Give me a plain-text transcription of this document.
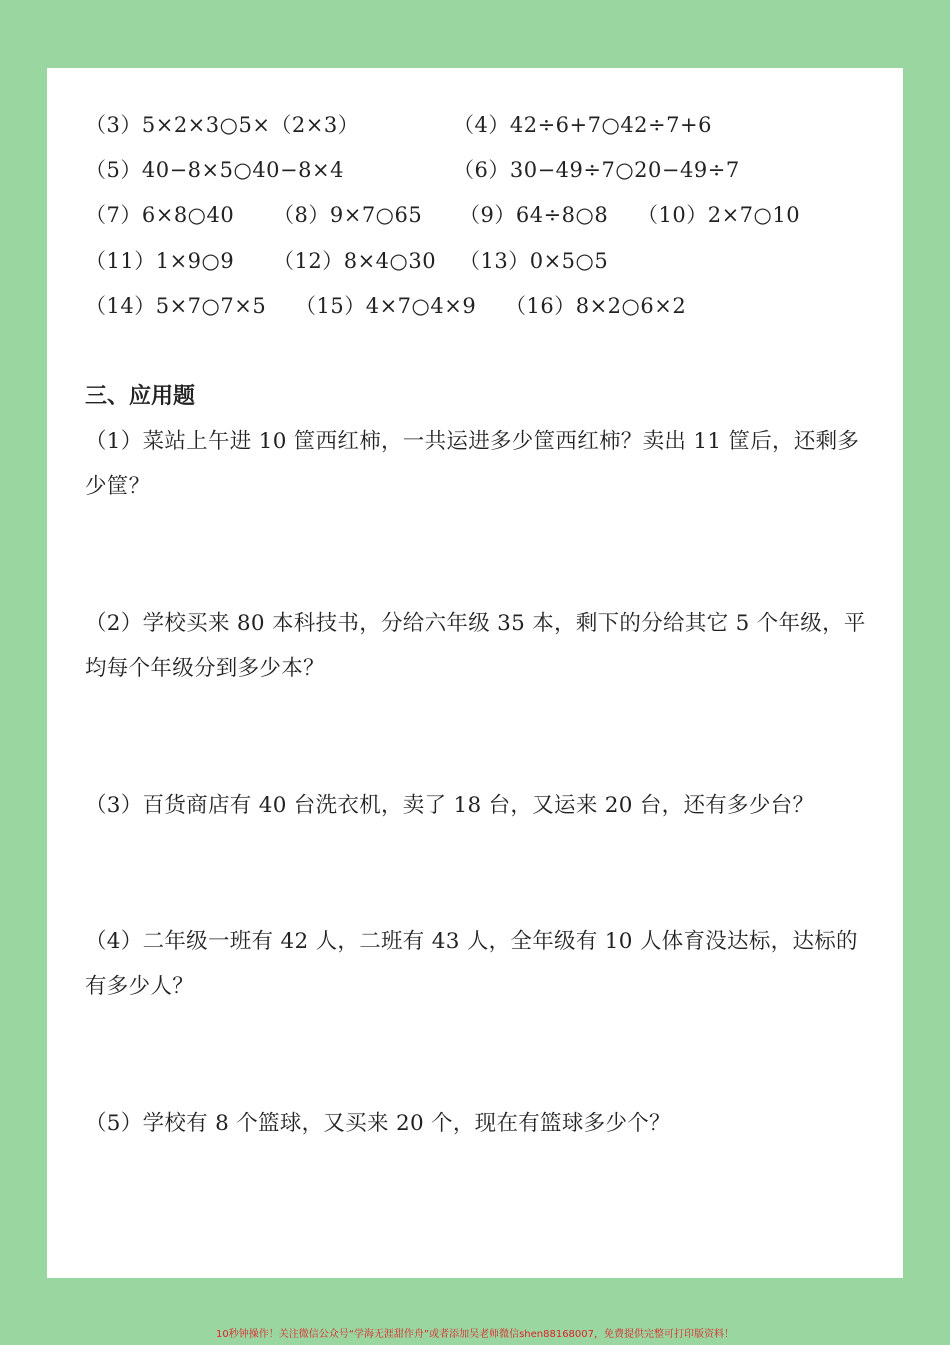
（3）5×2×3○5×（2×3）	（4）42÷6+7○42÷7+6
（5）40−8×5○40−8×4	（6）30−49÷7○20−49÷7
（7）6×8○40 （8）9×7○65 （9）64÷8○8 （10）2×7○10
（11）1×9○9 （12）8×4○30 （13）0×5○5
（14）5×7○7×5 （15）4×7○4×9 （16）8×2○6×2
三、应用题
（1）菜站上午进 10 筐西红柿，一共运进多少筐西红柿？卖出 11 筐后，还剩多少筐？
（2）学校买来 80 本科技书，分给六年级 35 本，剩下的分给其它 5 个年级，平均每个年级分到多少本？
（3）百货商店有 40 台洗衣机，卖了 18 台，又运来 20 台，还有多少台？
（4）二年级一班有 42 人，二班有 43 人，全年级有 10 人体育没达标，达标的有多少人？
（5）学校有 8 个篮球，又买来 20 个，现在有篮球多少个？
10秒钟操作！关注微信公众号“学海无涯甜作舟”或者添加吴老师微信shen88168007，免费提供完整可打印版资料！
